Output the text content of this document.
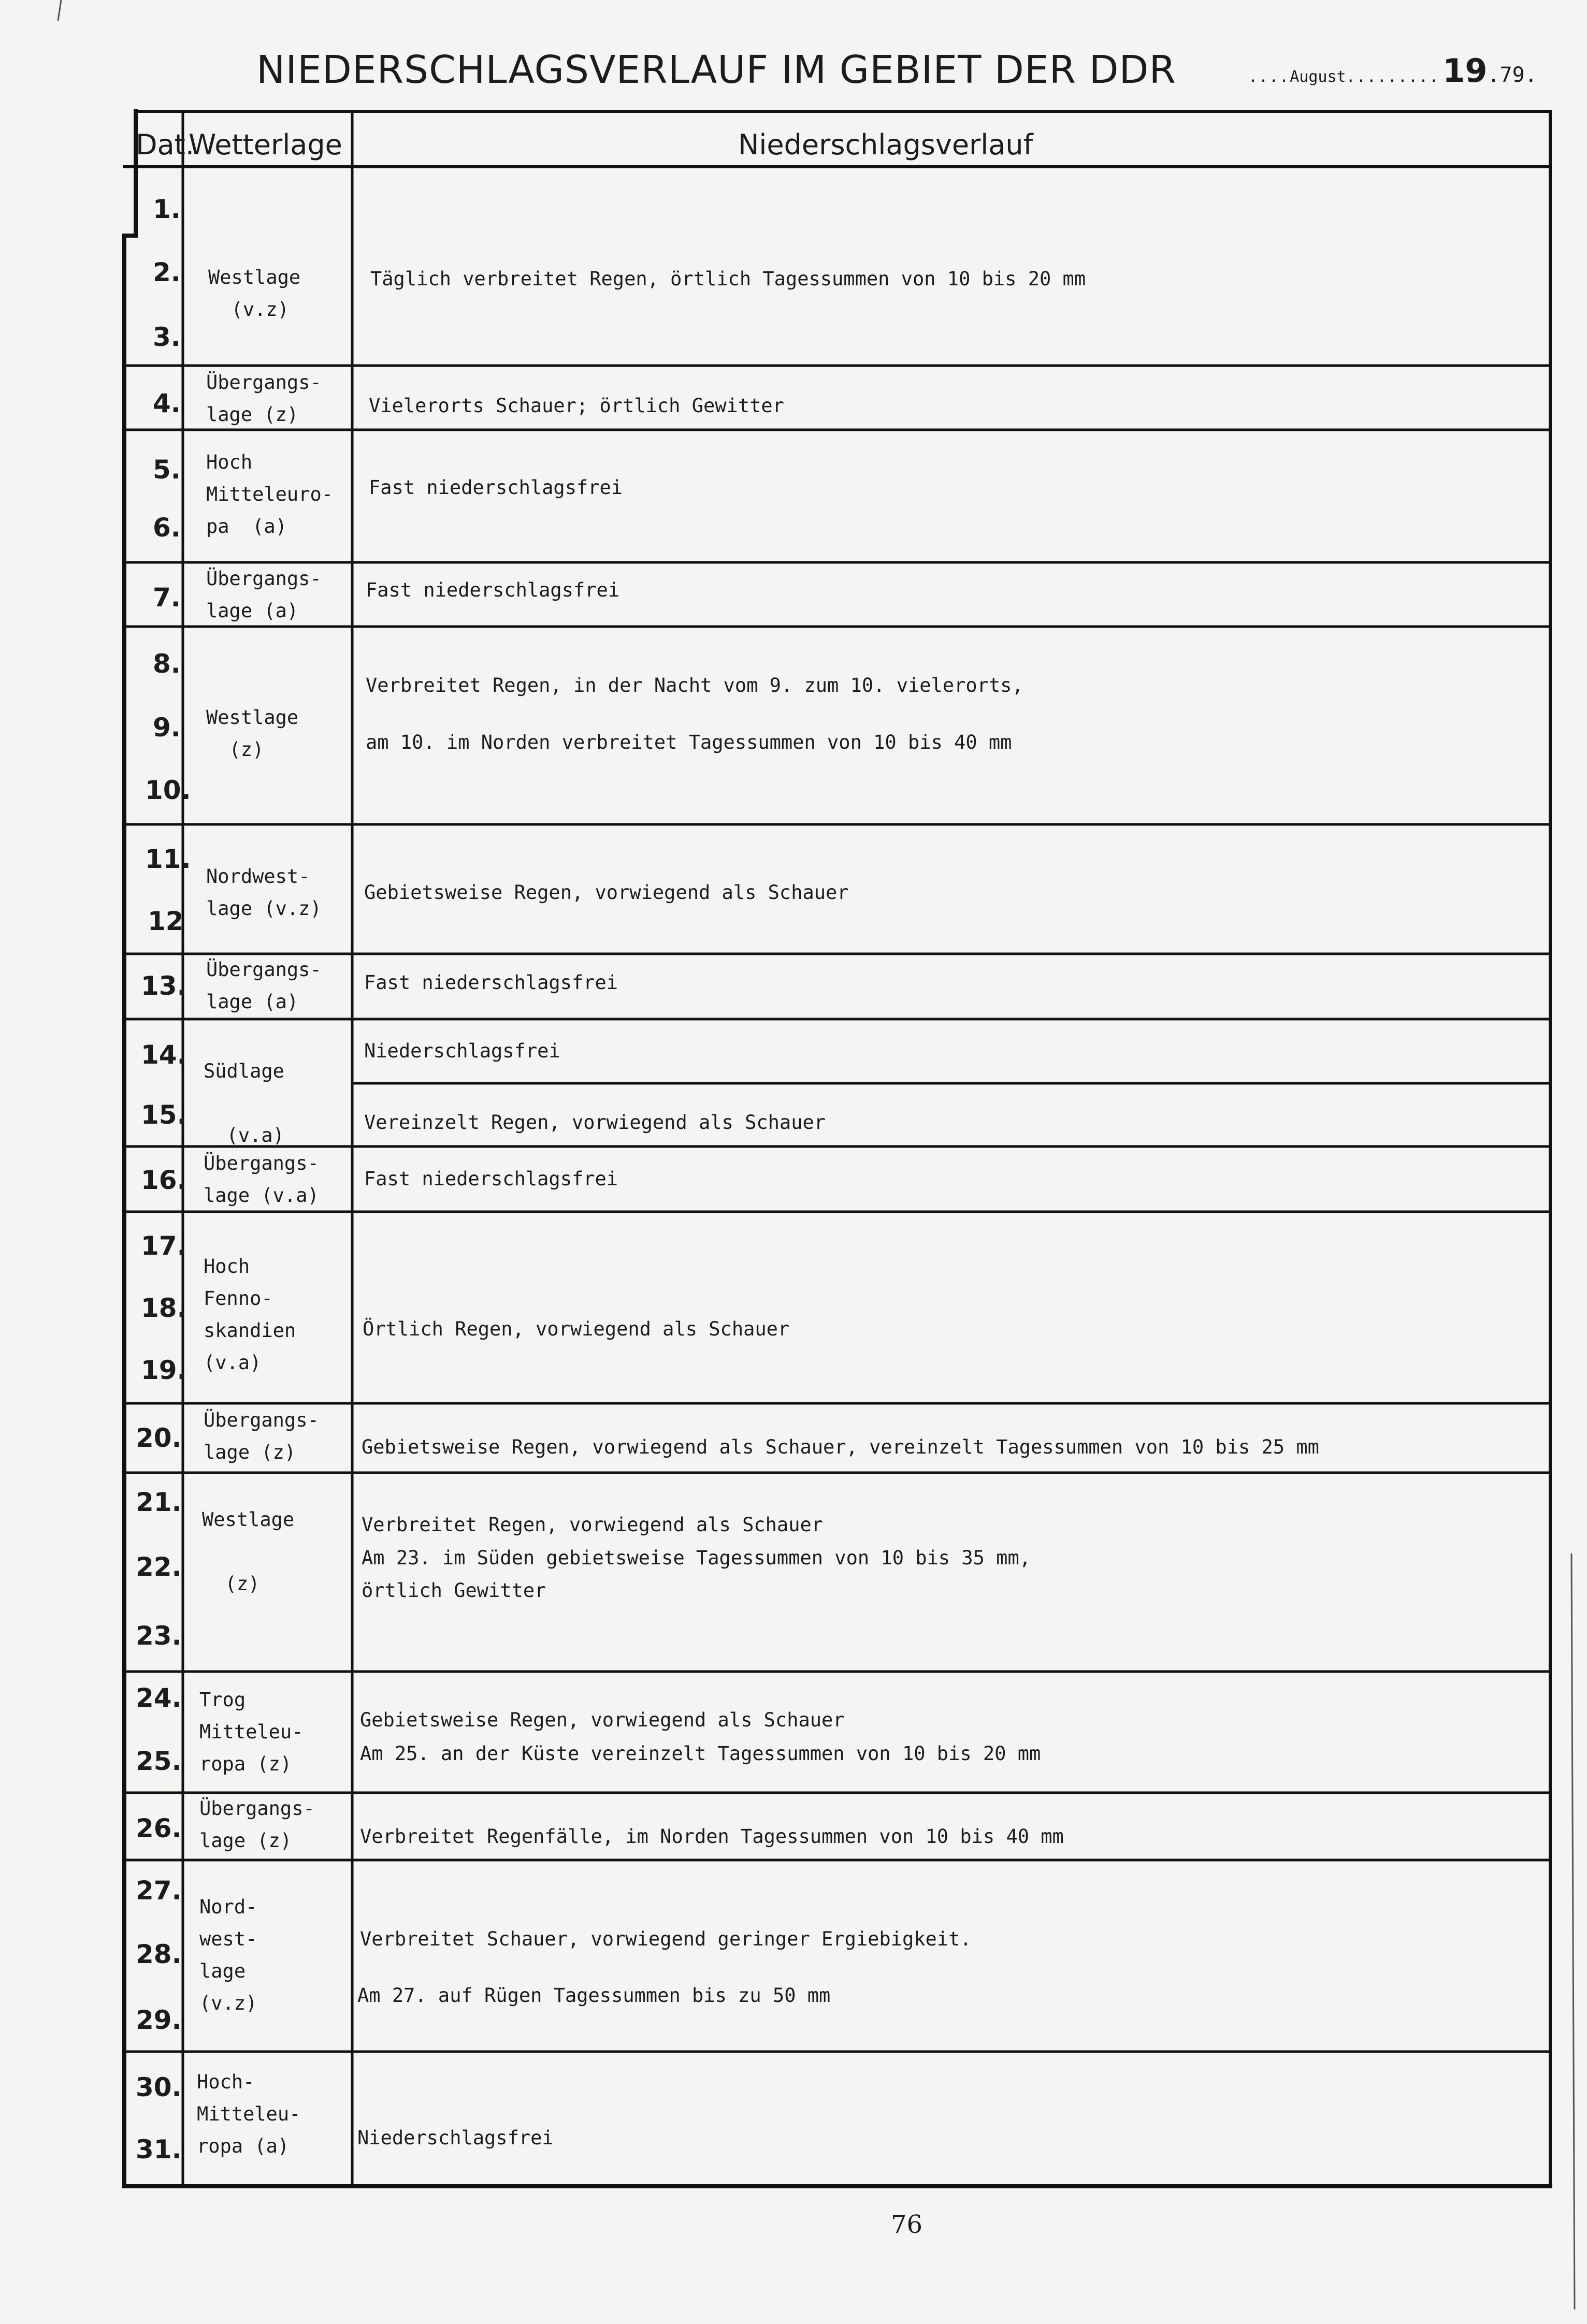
NIEDERSCHLAGSVERLAUF IM GEBIET DER DDR	....August.........19.79.
Dat.
Wetterlage	Niederschlagsverlauf
1.
2.
3.
4.
5.
6.
7.
8.
9.
10.
11.
12
13.
14.
15.
16.
17.
18.
19.
20.
21.
22.
23.
24.
25.
26.
27.
28.
29.
30.
31.
Westlage
(v.z)
Übergangs-
lage (z)
Hoch
Mitteleuro-
pa  (a)
Übergangs-
lage (a)
Westlage
(z)
Nordwest-
lage (v.z)
Übergangs-
lage (a)
Südlage

(v.a)
Übergangs-
lage (v.a)
Hoch
Fenno-
skandien
(v.a)
Übergangs-
lage (z)
Westlage

(z)
Trog
Mitteleu-
ropa (z)
Übergangs-
lage (z)
Nord-
west-
lage
(v.z)
Hoch-
Mitteleu-
ropa (a)
Täglich verbreitet Regen, örtlich Tagessummen von 10 bis 20 mm
Vielerorts Schauer; örtlich Gewitter
Fast niederschlagsfrei
Fast niederschlagsfrei
Verbreitet Regen, in der Nacht vom 9. zum 10. vielerorts,
am 10. im Norden verbreitet Tagessummen von 10 bis 40 mm
Gebietsweise Regen, vorwiegend als Schauer
Fast niederschlagsfrei
Niederschlagsfrei
Vereinzelt Regen, vorwiegend als Schauer
Fast niederschlagsfrei
Örtlich Regen, vorwiegend als Schauer
Gebietsweise Regen, vorwiegend als Schauer, vereinzelt Tagessummen von 10 bis 25 mm
Verbreitet Regen, vorwiegend als Schauer
Am 23. im Süden gebietsweise Tagessummen von 10 bis 35 mm,
örtlich Gewitter
Gebietsweise Regen, vorwiegend als Schauer
Am 25. an der Küste vereinzelt Tagessummen von 10 bis 20 mm
Verbreitet Regenfälle, im Norden Tagessummen von 10 bis 40 mm
Verbreitet Schauer, vorwiegend geringer Ergiebigkeit.
Am 27. auf Rügen Tagessummen bis zu 50 mm
Niederschlagsfrei
76
